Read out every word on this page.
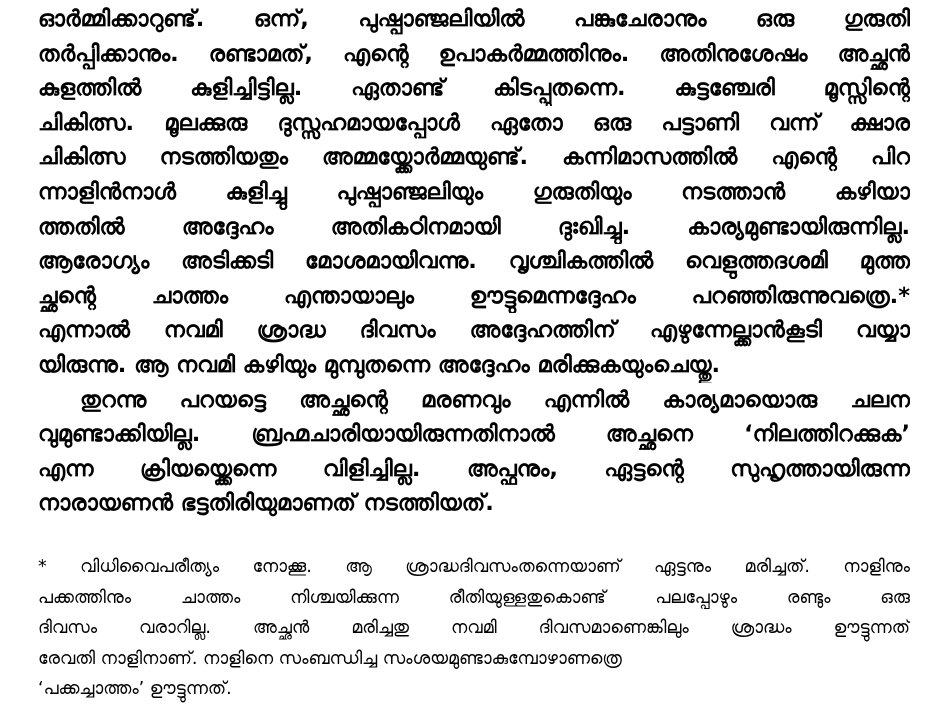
ഓർമ്മിക്കാറുണ്ട്. ഒന്ന്, പുഷ്പാഞ്ജലിയിൽ പങ്കുചേരാനും ഒരു ഗുരുതി
തർപ്പിക്കാനും. രണ്ടാമത്, എന്റെ ഉപാകർമ്മത്തിനും. അതിനുശേഷം അച്ഛൻ
കുളത്തിൽ കുളിച്ചിട്ടില്ല. ഏതാണ്ട് കിടപ്പുതന്നെ. കുട്ടഞ്ചേരി മൂസ്സിന്റെ
ചികിത്സ. മൂലക്കുരു ദുസ്സഹമായപ്പോൾ ഏതോ ഒരു പട്ടാണി വന്ന് ക്ഷാര
ചികിത്സ നടത്തിയതും അമ്മയ്ക്കോർമ്മയുണ്ട്. കന്നിമാസത്തിൽ എന്റെ പിറ
ന്നാളിൻനാൾ കുളിച്ചു പുഷ്പാഞ്ജലിയും ഗുരുതിയും നടത്താൻ കഴിയാ
ത്തതിൽ അദ്ദേഹം അതികഠിനമായി ദുഃഖിച്ചു. കാര്യമുണ്ടായിരുന്നില്ല.
ആരോഗ്യം അടിക്കടി മോശമായിവന്നു. വൃശ്ചികത്തിൽ വെളുത്തദശമി മുത്ത
ച്ഛന്റെ ചാത്തം എന്തായാലും ഊട്ടുമെന്നദ്ദേഹം പറഞ്ഞിരുന്നുവത്രെ.*
എന്നാൽ നവമി ശ്രാദ്ധ ദിവസം അദ്ദേഹത്തിന് എഴുന്നേല്ക്കാൻകൂടി വയ്യാ
യിരുന്നു. ആ നവമി കഴിയും മുമ്പുതന്നെ അദ്ദേഹം മരിക്കുകയുംചെയ്തു.
തുറന്നു പറയട്ടെ അച്ഛന്റെ മരണവും എന്നിൽ കാര്യമായൊരു ചലന
വുമുണ്ടാക്കിയില്ല. ബ്രഹ്മചാരിയായിരുന്നതിനാൽ അച്ഛനെ ‘നിലത്തിറക്കുക’
എന്ന ക്രിയയ്ക്കെന്നെ വിളിച്ചില്ല. അപ്ഫനും, ഏട്ടന്റെ സുഹൃത്തായിരുന്ന
നാരായണൻ ഭട്ടതിരിയുമാണത് നടത്തിയത്.
* വിധിവൈപരീത്യം നോക്കൂ. ആ ശ്രാദ്ധദിവസംതന്നെയാണ് ഏട്ടനും മരിച്ചത്. നാളിനും
പക്കത്തിനും ചാത്തം നിശ്ചയിക്കുന്ന രീതിയുള്ളതുകൊണ്ട് പലപ്പോഴും രണ്ടും ഒരു
ദിവസം വരാറില്ല. അച്ഛൻ മരിച്ചതു നവമി ദിവസമാണെങ്കിലും ശ്രാദ്ധം ഊട്ടുന്നത്
രേവതി നാളിനാണ്. നാളിനെ സംബന്ധിച്ച സംശയമുണ്ടാകുമ്പോഴാണത്രെ
‘പക്കച്ചാത്തം’ ഊട്ടുന്നത്.
